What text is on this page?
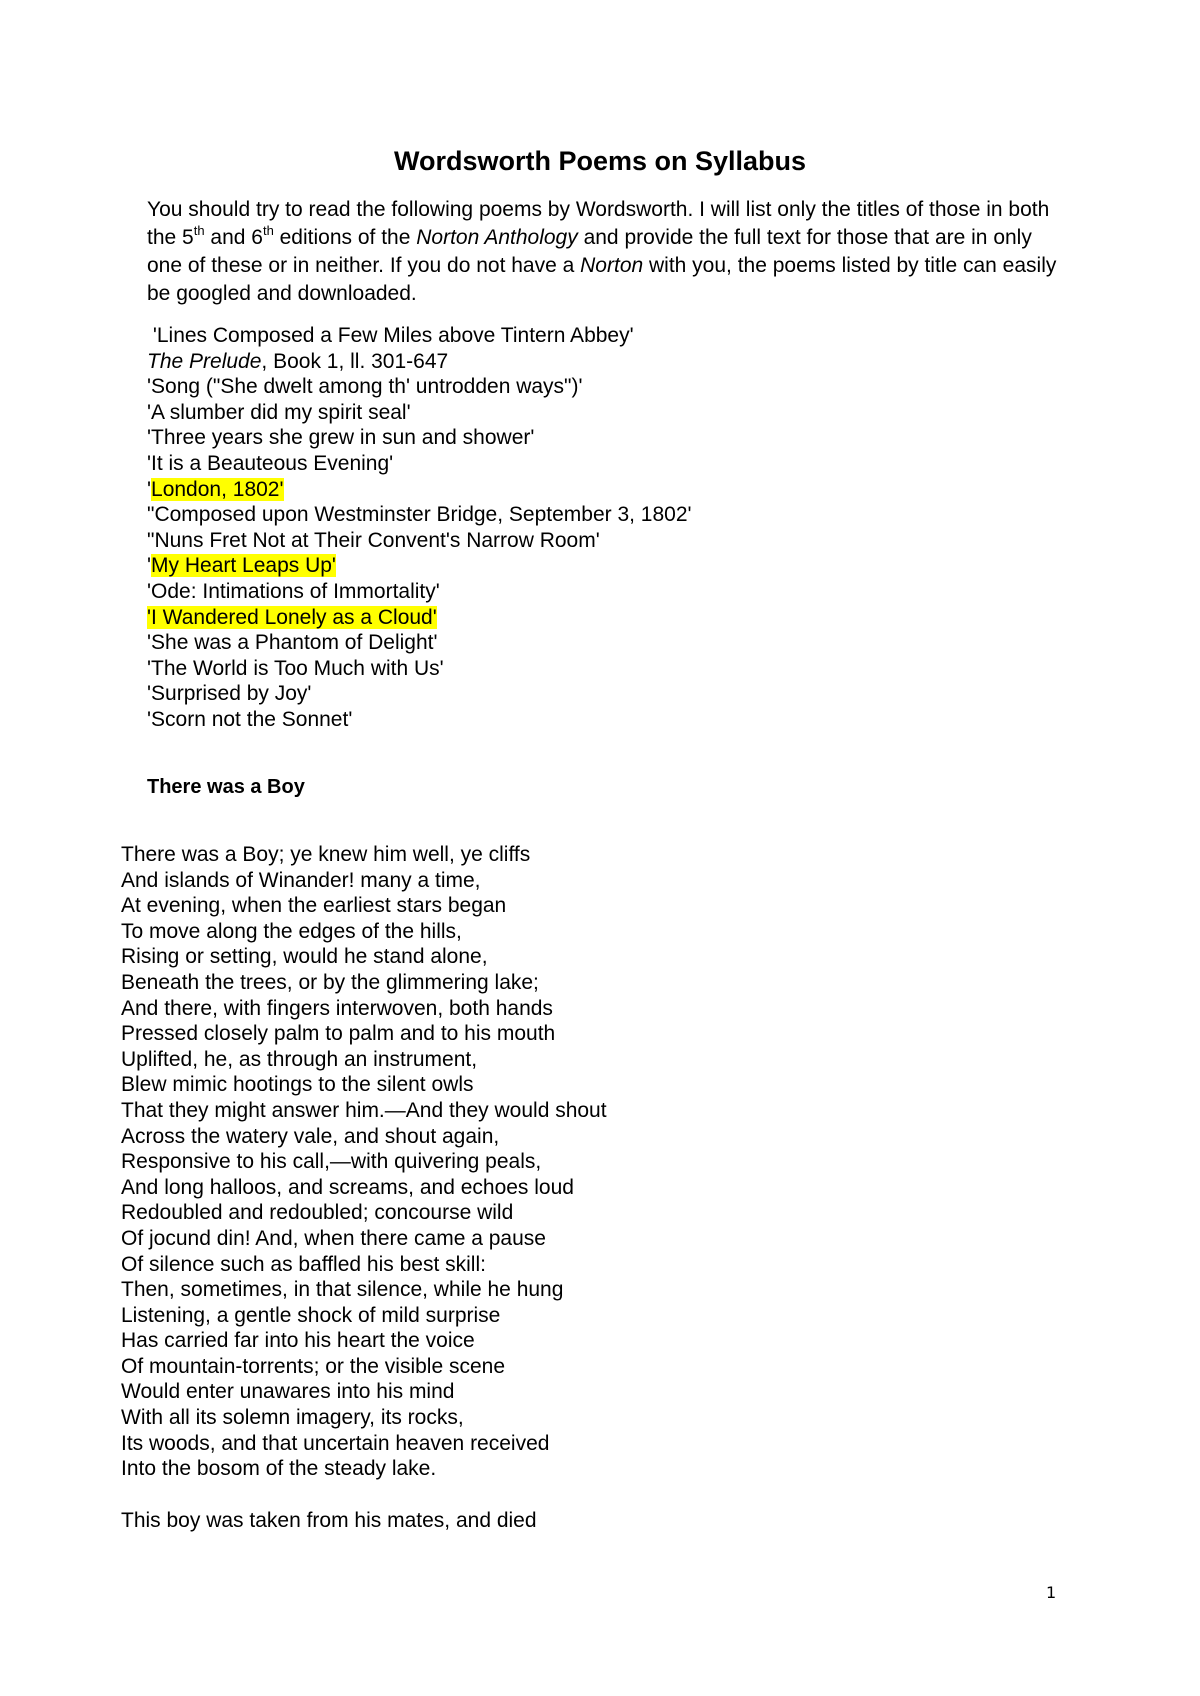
Wordsworth Poems on Syllabus

You should try to read the following poems by Wordsworth. I will list only the titles of those in both the 5th and 6th editions of the Norton Anthology and provide the full text for those that are in only one of these or in neither. If you do not have a Norton with you, the poems listed by title can easily be googled and downloaded.

'Lines Composed a Few Miles above Tintern Abbey'
The Prelude, Book 1, ll. 301-647
'Song ("She dwelt among th' untrodden ways")'
'A slumber did my spirit seal'
'Three years she grew in sun and shower'
'It is a Beauteous Evening'
'London, 1802'
"Composed upon Westminster Bridge, September 3, 1802'
"Nuns Fret Not at Their Convent's Narrow Room'
'My Heart Leaps Up'
'Ode: Intimations of Immortality'
'I Wandered Lonely as a Cloud'
'She was a Phantom of Delight'
'The World is Too Much with Us'
'Surprised by Joy'
'Scorn not the Sonnet'
There was a Boy
There was a Boy; ye knew him well, ye cliffs
And islands of Winander! many a time,
At evening, when the earliest stars began
To move along the edges of the hills,
Rising or setting, would he stand alone,
Beneath the trees, or by the glimmering lake;
And there, with fingers interwoven, both hands
Pressed closely palm to palm and to his mouth
Uplifted, he, as through an instrument,
Blew mimic hootings to the silent owls
That they might answer him.—And they would shout
Across the watery vale, and shout again,
Responsive to his call,—with quivering peals,
And long halloos, and screams, and echoes loud
Redoubled and redoubled; concourse wild
Of jocund din! And, when there came a pause
Of silence such as baffled his best skill:
Then, sometimes, in that silence, while he hung
Listening, a gentle shock of mild surprise
Has carried far into his heart the voice
Of mountain-torrents; or the visible scene
Would enter unawares into his mind
With all its solemn imagery, its rocks,
Its woods, and that uncertain heaven received
Into the bosom of the steady lake.

This boy was taken from his mates, and died

1
